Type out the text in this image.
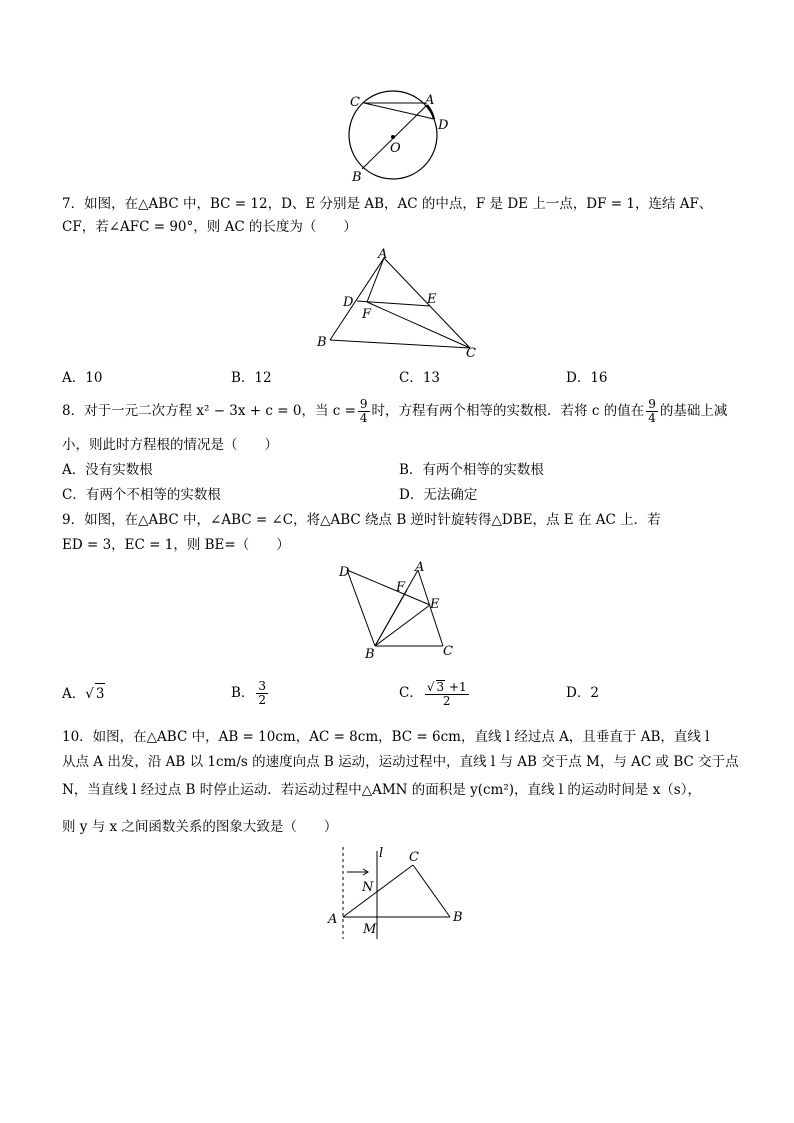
C	A
D
O
B
7．如图，在△ABC 中，BC = 12，D、E 分别是 AB，AC 的中点，F 是 DE 上一点，DF = 1，连结 AF、
CF，若∠AFC = 90°，则 AC 的长度为（　　）
A
D	E
F
B
C
A．10	B．12	C．13	D．16
8．对于一元二次方程 x² − 3x + c = 0，当 $c = \frac{9}{4}$ 时，方程有两个相等的实数根．若将 c 的值在 $\frac{9}{4}$ 的基础上减
小，则此时方程根的情况是（　　）
A．没有实数根	B．有两个相等的实数根
C．有两个不相等的实数根	D．无法确定
9．如图，在△ABC 中，∠ABC = ∠C，将△ABC 绕点 B 逆时针旋转得△DBE，点 E 在 AC 上．若
ED = 3，EC = 1，则 BE=（　　）
D
F
A
E
B	C
A．√ 3	B． $\frac{3}{2}$	C． $\frac{√ 3 +1}{2}$	D．2
10．如图，在△ABC 中，AB = 10cm，AC = 8cm，BC = 6cm，直线 l 经过点 A，且垂直于 AB，直线 l
从点 A 出发，沿 AB 以 1cm/s 的速度向点 B 运动，运动过程中，直线 l 与 AB 交于点 M，与 AC 或 BC 交于点
N，当直线 l 经过点 B 时停止运动．若运动过程中△AMN 的面积是 y(cm²)，直线 l 的运动时间是 x（s），
则 y 与 x 之间函数关系的图象大致是（　　）
l C
N
A
M
B
